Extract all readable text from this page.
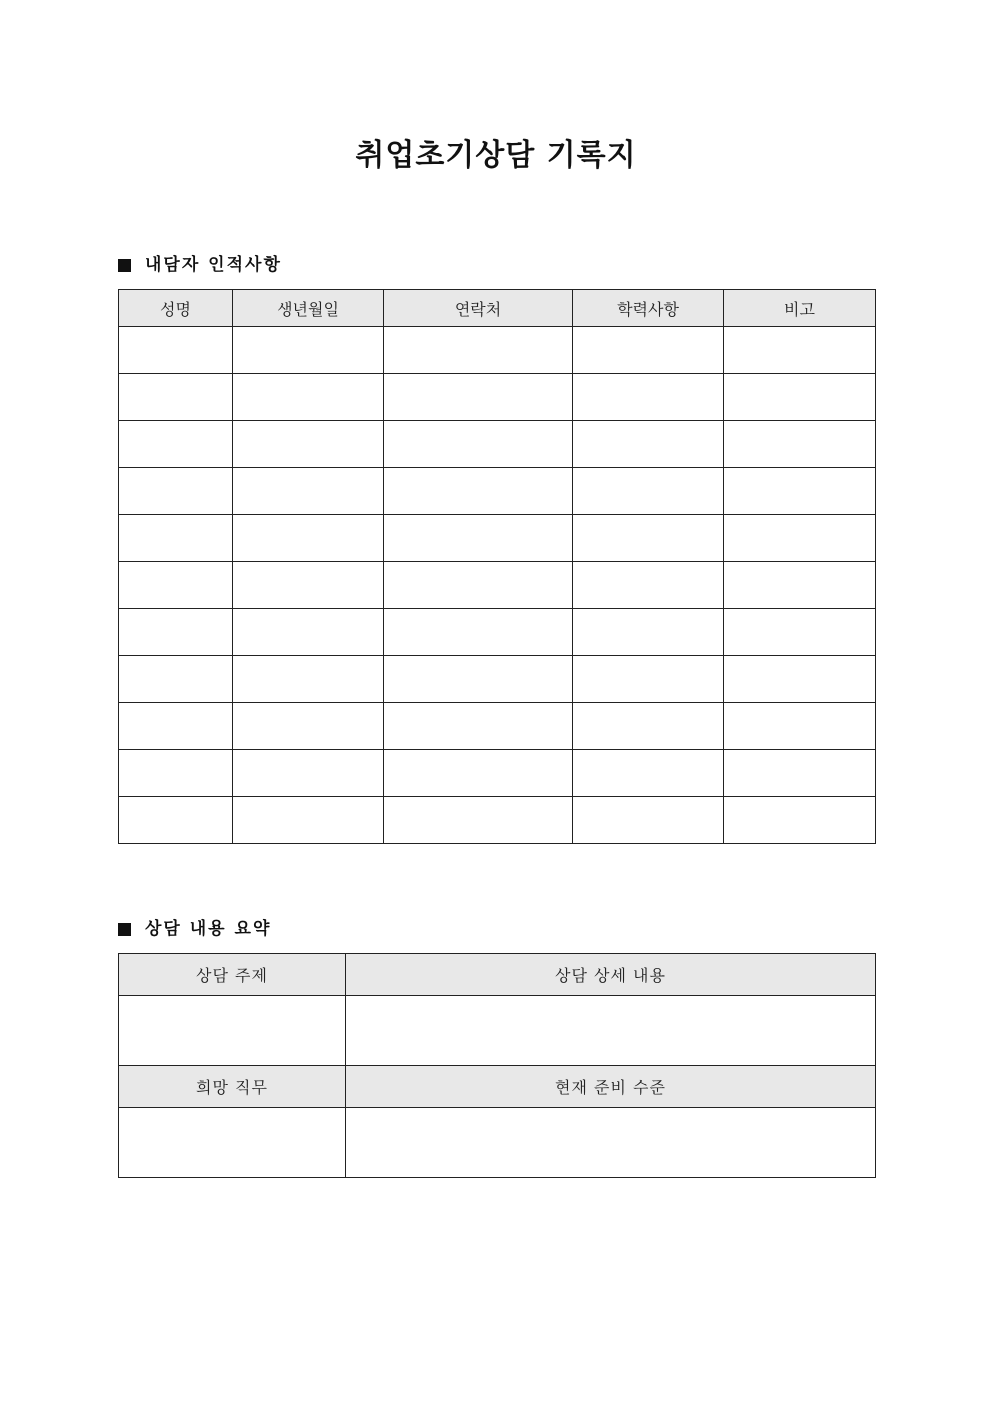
취업초기상담 기록지
내담자 인적사항
성명	생년월일	연락처	학력사항	비고

상담 내용 요약
상담 주제	상담 상세 내용

희망 직무	현재 준비 수준
